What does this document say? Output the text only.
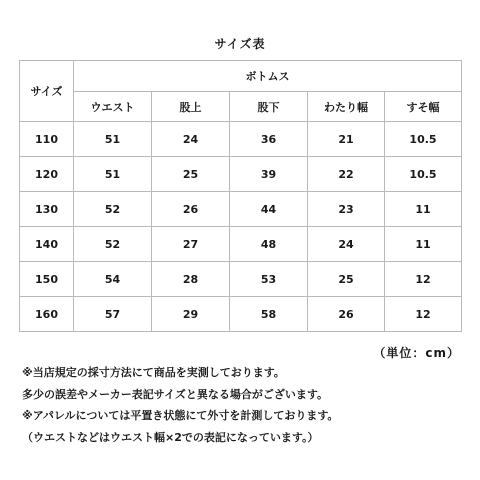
サイズ表
サイズ	ボトムス				
	ウエスト	股上	股下	わたり幅	すそ幅
110	51	24	36	21	10.5
120	51	25	39	22	10.5
130	52	26	44	23	11
140	52	27	48	24	11
150	54	28	53	25	12
160	57	29	58	26	12
（単位：cm）
※当店規定の採寸方法にて商品を実測しております。
多少の誤差やメーカー表記サイズと異なる場合がございます。
※アパレルについては平置き状態にて外寸を計測しております。
（ウエストなどはウエスト幅×2での表記になっています。）
